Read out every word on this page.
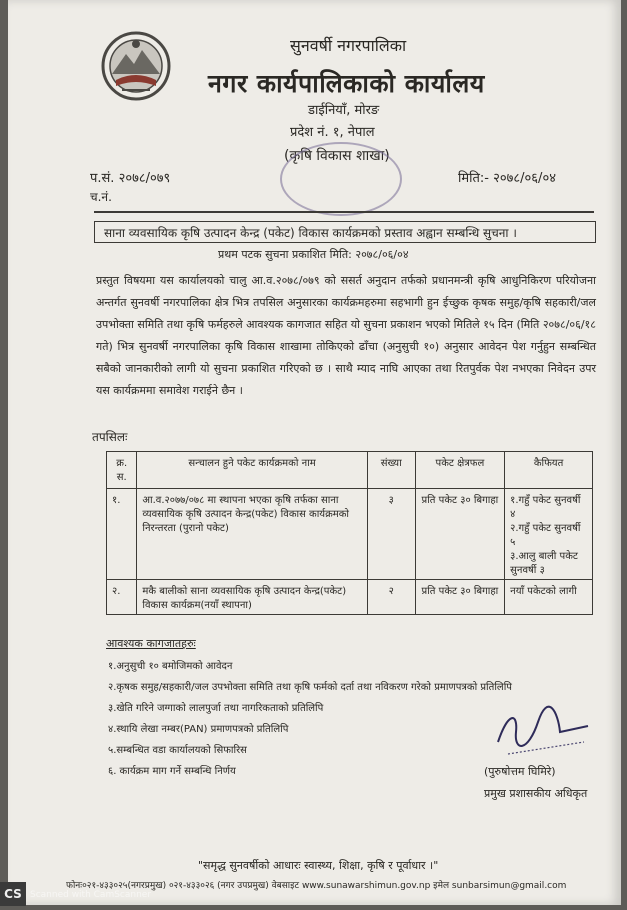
सुनवर्षी नगरपालिका
नगर कार्यपालिकाको कार्यालय
डाईनियाँ, मोरङ
प्रदेश नं. १, नेपाल
(कृषि विकास शाखा)
प.सं. २०७८/०७९
च.नं.
मिति:- २०७८/०६/०४
साना व्यवसायिक कृषि उत्पादन केन्द्र (पकेट) विकास कार्यक्रमको प्रस्ताव अह्वान सम्बन्धि सुचना ।
प्रथम पटक सुचना प्रकाशित मिति: २०७८/०६/०४
प्रस्तुत विषयमा यस कार्यालयको चालु आ.व.२०७८/०७९ को ससर्त अनुदान तर्फको प्रधानमन्त्री कृषि आधुनिकिरण परियोजना अन्तर्गत सुनवर्षी नगरपालिका क्षेत्र भित्र तपसिल अनुसारका कार्यक्रमहरुमा सहभागी हुन ईच्छुक कृषक समुह/कृषि सहकारी/जल उपभोक्ता समिति तथा कृषि फर्महरुले आवश्यक कागजात सहित यो सुचना प्रकाशन भएको मितिले १५ दिन (मिति २०७८/०६/१८ गते) भित्र सुनवर्षी नगरपालिका कृषि विकास शाखामा तोकिएको ढाँचा (अनुसुची १०) अनुसार आवेदन पेश गर्नुहुन सम्बन्धित सबैको जानकारीको लागी यो सुचना प्रकाशित गरिएको छ । साथै म्याद नाघि आएका तथा रितपुर्वक पेश नभएका निवेदन उपर यस कार्यक्रममा समावेश गराईने छैन ।
तपसिलः
क्र. स.	सन्चालन हुने पकेट कार्यक्रमको नाम	संख्या	पकेट क्षेत्रफल	कैफियत
१.	आ.व.२०७७/०७८ मा स्थापना भएका कृषि तर्फका साना व्यवसायिक कृषि उत्पादन केन्द्र(पकेट) विकास कार्यक्रमको निरन्तरता (पुरानो पकेट)	३	प्रति पकेट ३० बिगाहा	१.गहुँ पकेट सुनवर्षी ४
२.गहुँ पकेट सुनवर्षी ५
३.आलु बाली पकेट सुनवर्षी ३

२.	मकै बालीको साना व्यवसायिक कृषि उत्पादन केन्द्र(पकेट) विकास कार्यक्रम(नयाँ स्थापना)	२	प्रति पकेट ३० बिगाहा	नयाँ पकेटको लागी
आवश्यक कागजातहरुः
१.अनुसुची १० बमोजिमको आवेदन
२.कृषक समुह/सहकारी/जल उपभोक्ता समिति तथा कृषि फर्मको दर्ता तथा नविकरण गरेको प्रमाणपत्रको प्रतिलिपि
३.खेति गरिने जग्गाको लालपुर्जा तथा नागरिकताको प्रतिलिपि
४.स्थायि लेखा नम्बर(PAN) प्रमाणपत्रको प्रतिलिपि
५.सम्बन्धित वडा कार्यालयको सिफारिस
६. कार्यक्रम माग गर्ने सम्बन्धि निर्णय	(पुरुषोत्तम घिमिरे)
प्रमुख प्रशासकीय अधिकृत
"समृद्ध सुनवर्षीको आधारः स्वास्थ्य, शिक्षा, कृषि र पूर्वाधार ।"
फोनः०२१-४३३०२५(नगरप्रमुख) ०२१-४३३०२६ (नगर उपप्रमुख) वेबसाइट www.sunawarshimun.gov.np इमेल sunbarsimun@gmail.com
CS Scanned with CamScanner
